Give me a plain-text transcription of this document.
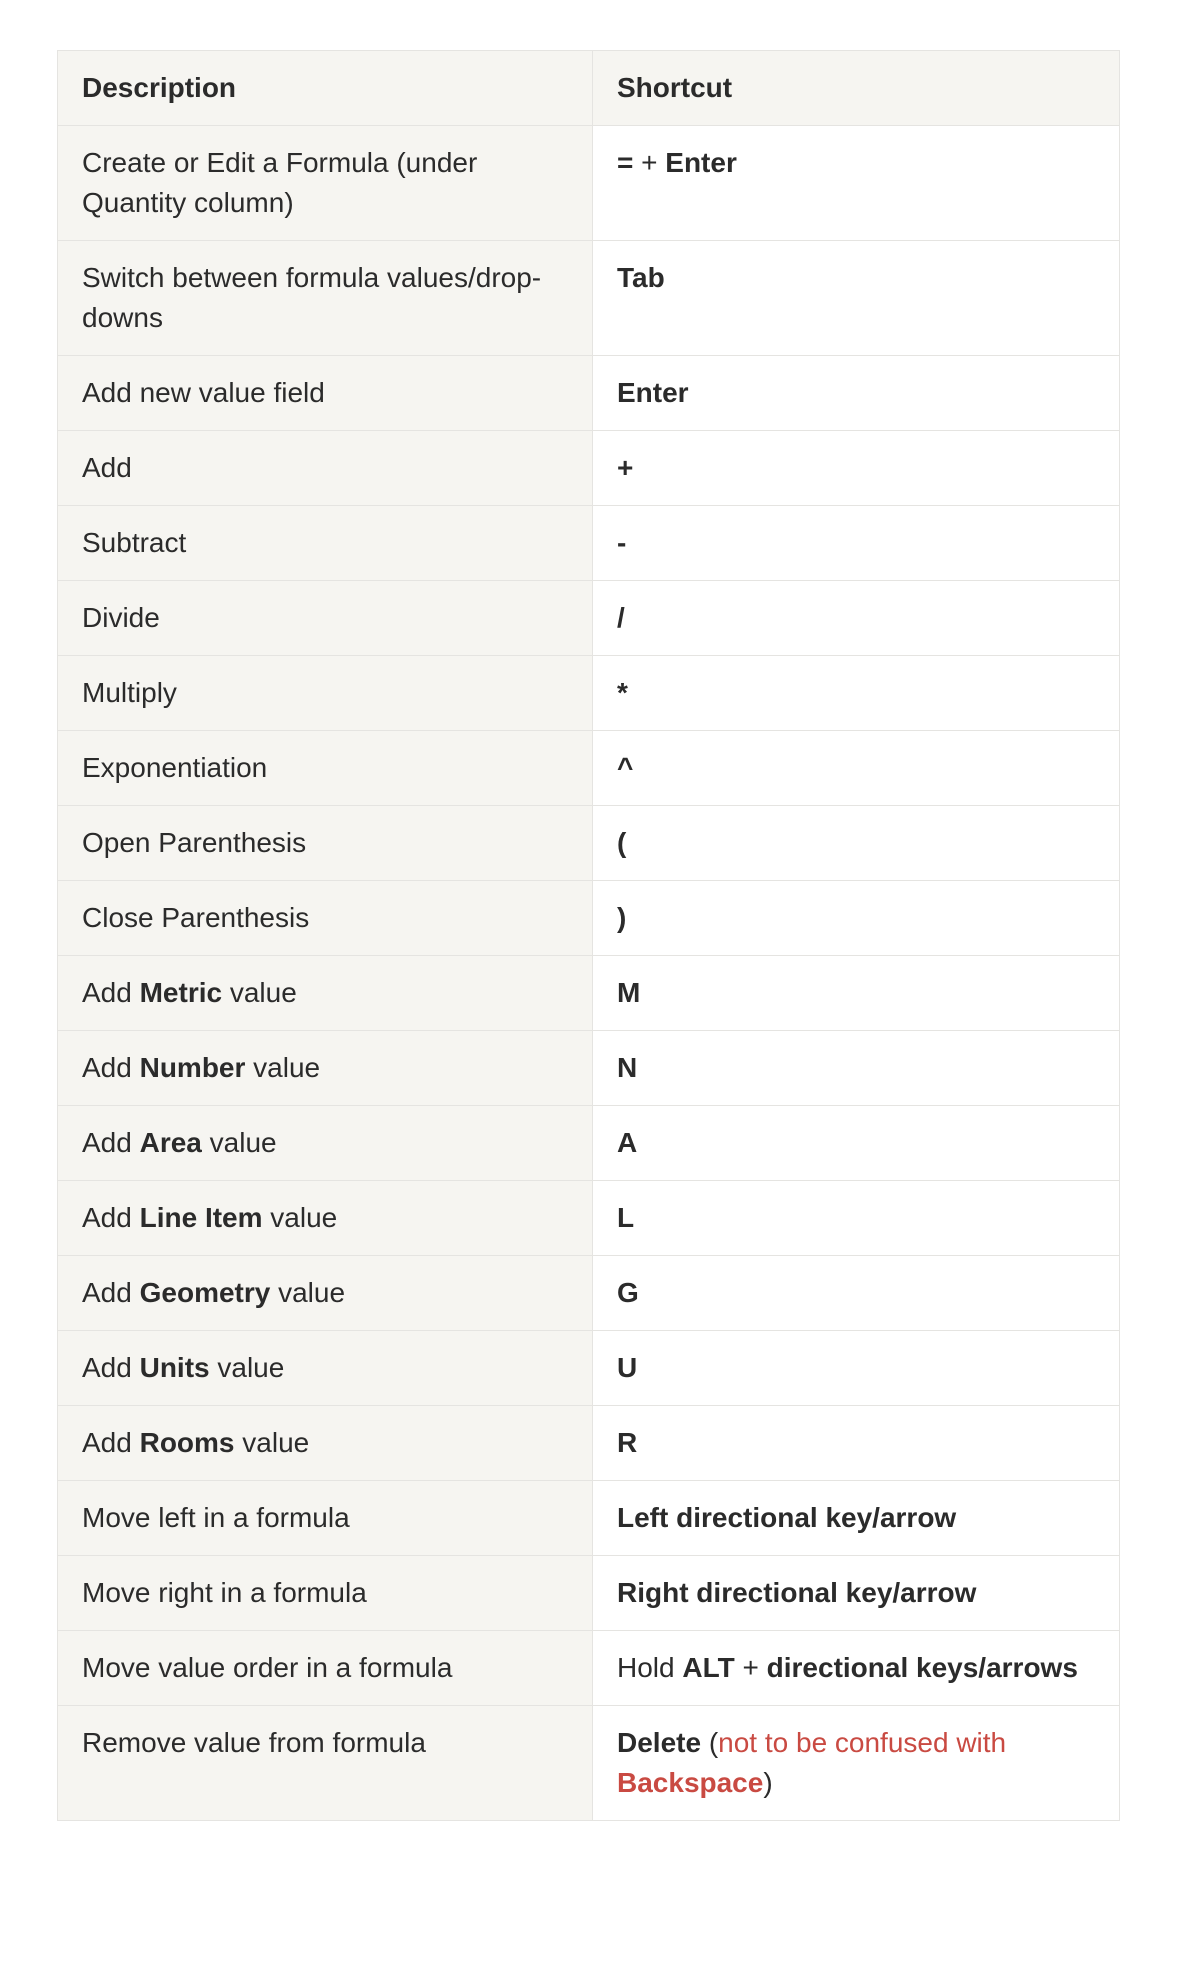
Description	Shortcut
Create or Edit a Formula (under Quantity column)	= + Enter
Switch between formula values/drop-downs	Tab
Add new value field	Enter
Add	+
Subtract	-
Divide	/
Multiply	*
Exponentiation	^
Open Parenthesis	(
Close Parenthesis	)
Add Metric value	M
Add Number value	N
Add Area value	A
Add Line Item value	L
Add Geometry value	G
Add Units value	U
Add Rooms value	R
Move left in a formula	Left directional key/arrow
Move right in a formula	Right directional key/arrow
Move value order in a formula	Hold ALT + directional keys/arrows
Remove value from formula	Delete (not to be confused with Backspace)
